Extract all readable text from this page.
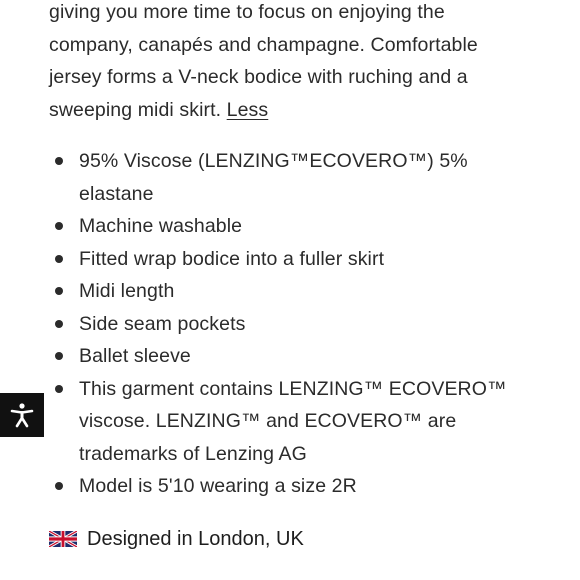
giving you more time to focus on enjoying the
company, canapés and champagne. Comfortable
jersey forms a V-neck bodice with ruching and a
sweeping midi skirt. Less

95% Viscose (LENZING™ECOVERO™) 5% elastane
Machine washable
Fitted wrap bodice into a fuller skirt
Midi length
Side seam pockets
Ballet sleeve
This garment contains LENZING™ ECOVERO™ viscose. LENZING™ and ECOVERO™ are trademarks of Lenzing AG
Model is 5'10 wearing a size 2R
Designed in London, UK
